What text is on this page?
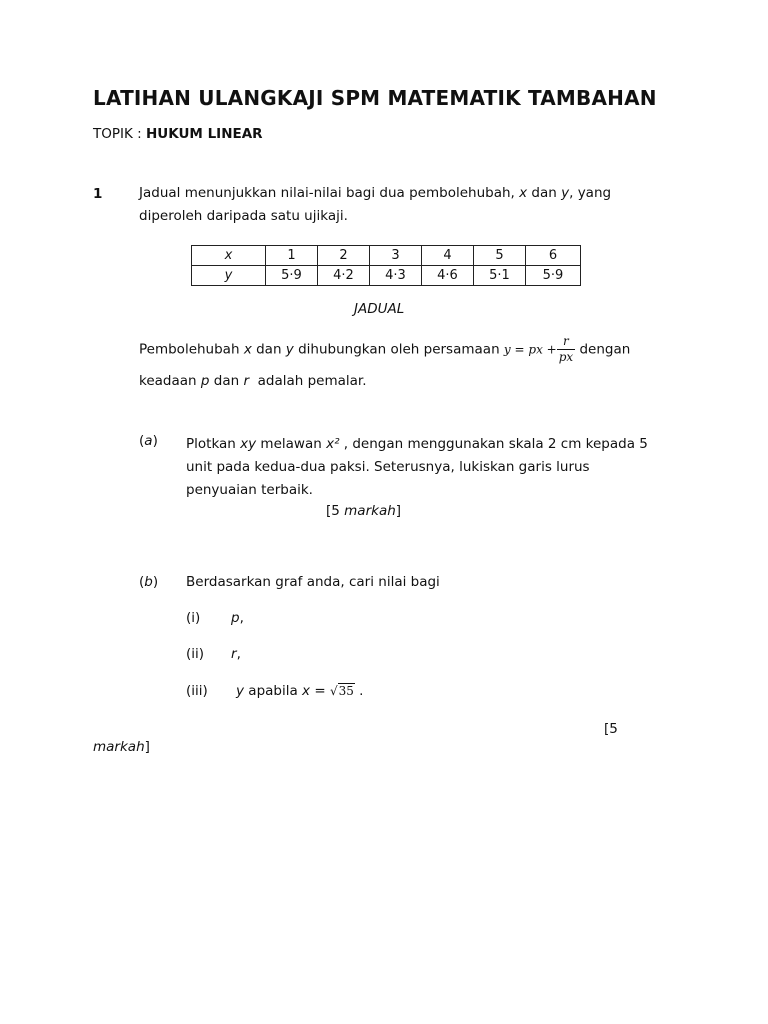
LATIHAN ULANGKAJI SPM MATEMATIK TAMBAHAN
TOPIK : HUKUM LINEAR
1	Jadual menunjukkan nilai-nilai bagi dua pembolehubah, x dan y, yang
diperoleh daripada satu ujikaji.
x	1	2	3	4	5	6
y	5·9	4·2	4·3	4·6	5·1	5·9
JADUAL
Pembolehubah x dan y dihubungkan oleh persamaan y = px + $\frac{r}{px}$ dengan
keadaan p dan r  adalah pemalar.
(a) Plotkan xy melawan x² , dengan menggunakan skala 2 cm kepada 5
unit pada kedua-dua paksi. Seterusnya, lukiskan garis lurus
penyuaian terbaik.
[5 markah]
(b) Berdasarkan graf anda, cari nilai bagi
(i) p,
(ii) r,
(iii) y apabila x = √35 .
[5
markah]
